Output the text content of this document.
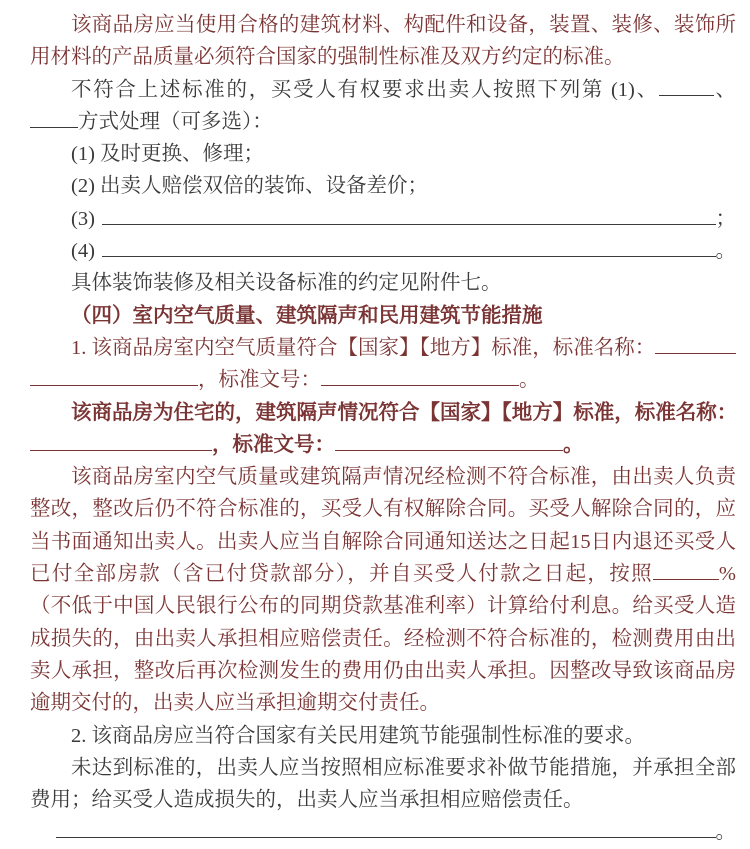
该商品房应当使用合格的建筑材料、构配件和设备，装置、装修、装饰所用材料的产品质量必须符合国家的强制性标准及双方约定的标准。

不符合上述标准的，买受人有权要求出卖人按照下列第 (1)、	、方式处理（可多选）：

(1) 及时更换、修理；

(2) 出卖人赔偿双倍的装饰、设备差价；

(3)	；
(4)	。

具体装饰装修及相关设备标准的约定见附件七。

（四）室内空气质量、建筑隔声和民用建筑节能措施

1. 该商品房室内空气质量符合【国家】【地方】标准，标准名称：
，标准文号：	。
该商品房为住宅的，建筑隔声情况符合【国家】【地方】标准，标准名称：
，标准文号：	。

该商品房室内空气质量或建筑隔声情况经检测不符合标准，由出卖人负责整改，整改后仍不符合标准的，买受人有权解除合同。买受人解除合同的，应当书面通知出卖人。出卖人应当自解除合同通知送达之日起15日内退还买受人已付全部房款（含已付贷款部分），并自买受人付款之日起，按照	%（不低于中国人民银行公布的同期贷款基准利率）计算给付利息。给买受人造成损失的，由出卖人承担相应赔偿责任。经检测不符合标准的，检测费用由出卖人承担，整改后再次检测发生的费用仍由出卖人承担。因整改导致该商品房逾期交付的，出卖人应当承担逾期交付责任。

2. 该商品房应当符合国家有关民用建筑节能强制性标准的要求。

未达到标准的，出卖人应当按照相应标准要求补做节能措施，并承担全部费用；给买受人造成损失的，出卖人应当承担相应赔偿责任。

。
